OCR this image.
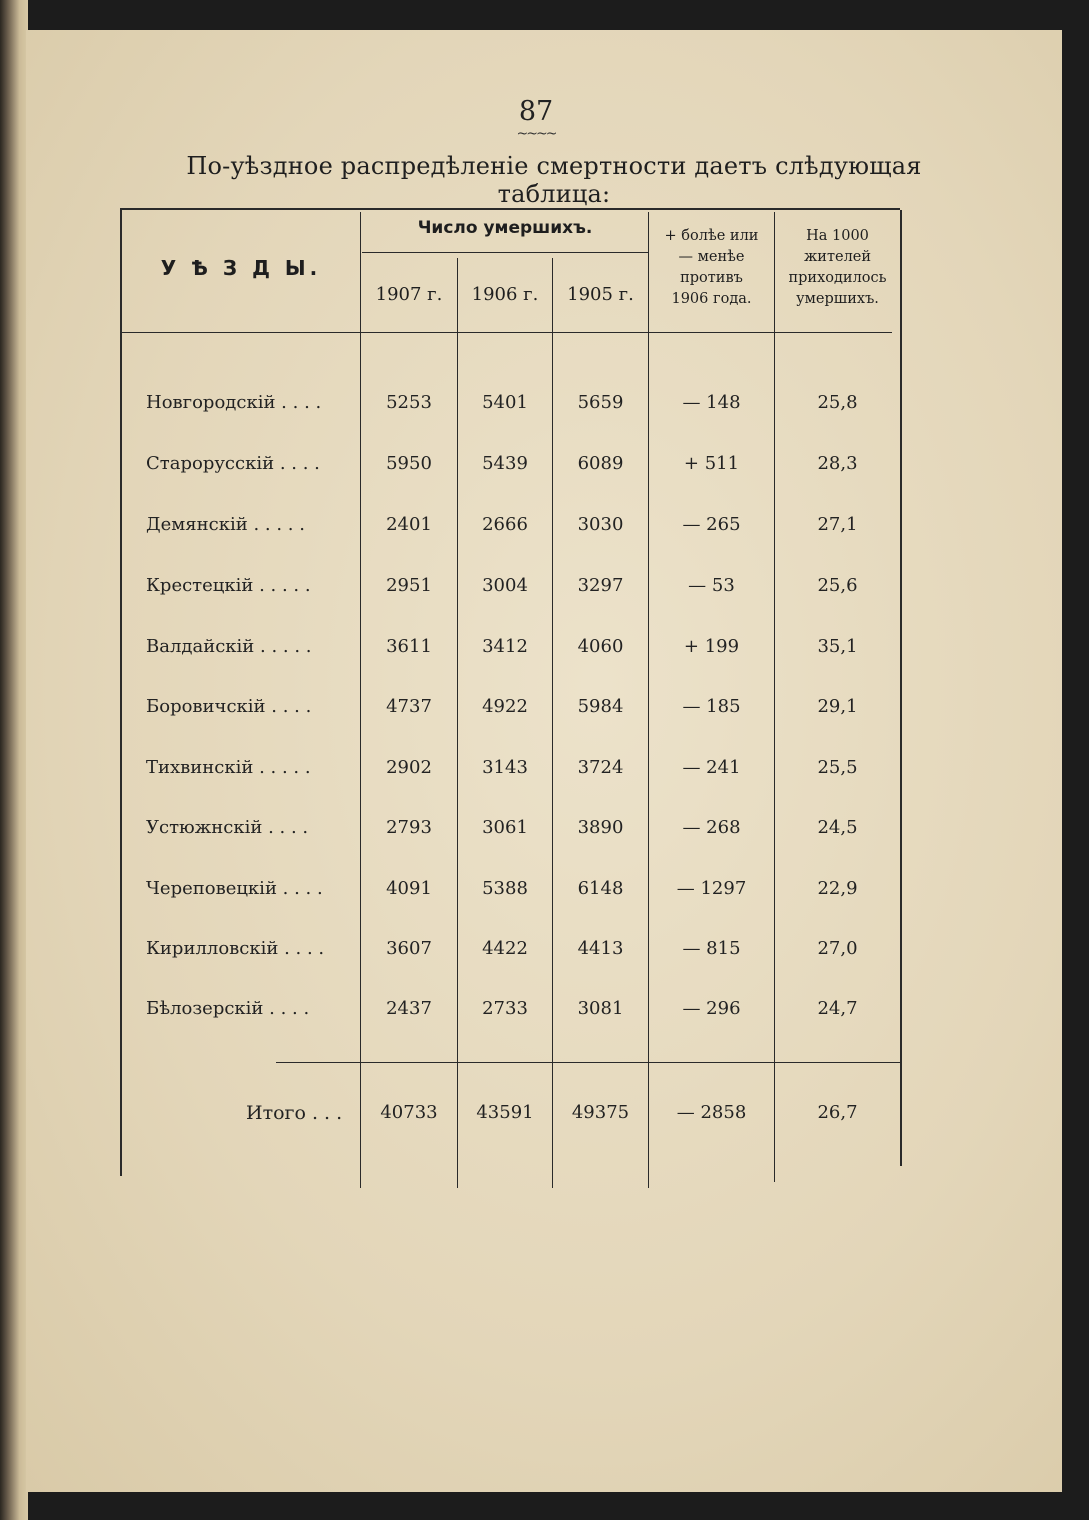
87
~~~~
По-уѣздное распредѣленіе смертности даетъ слѣдующая таблица:
У Ѣ З Д Ы.
Число умершихъ.
1907 г.	1906 г.	1905 г.
+ болѣе или
— менѣе
противъ
1906 года.
На 1000
жителей
приходилось
умершихъ.
Новгородскій . . . .	5253	5401	5659	— 148	25,8
Старорусскій . . . .	5950	5439	6089	+ 511	28,3
Демянскій . . . . .	2401	2666	3030	— 265	27,1
Крестецкій . . . . .	2951	3004	3297	— 53	25,6
Валдайскій . . . . .	3611	3412	4060	+ 199	35,1
Боровичскій . . . .	4737	4922	5984	— 185	29,1
Тихвинскій . . . . .	2902	3143	3724	— 241	25,5
Устюжнскій . . . .	2793	3061	3890	— 268	24,5
Череповецкій . . . .	4091	5388	6148	— 1297	22,9
Кирилловскій . . . .	3607	4422	4413	— 815	27,0
Бѣлозерскій . . . .	2437	2733	3081	— 296	24,7
Итого . . .	40733	43591	49375	— 2858	26,7
